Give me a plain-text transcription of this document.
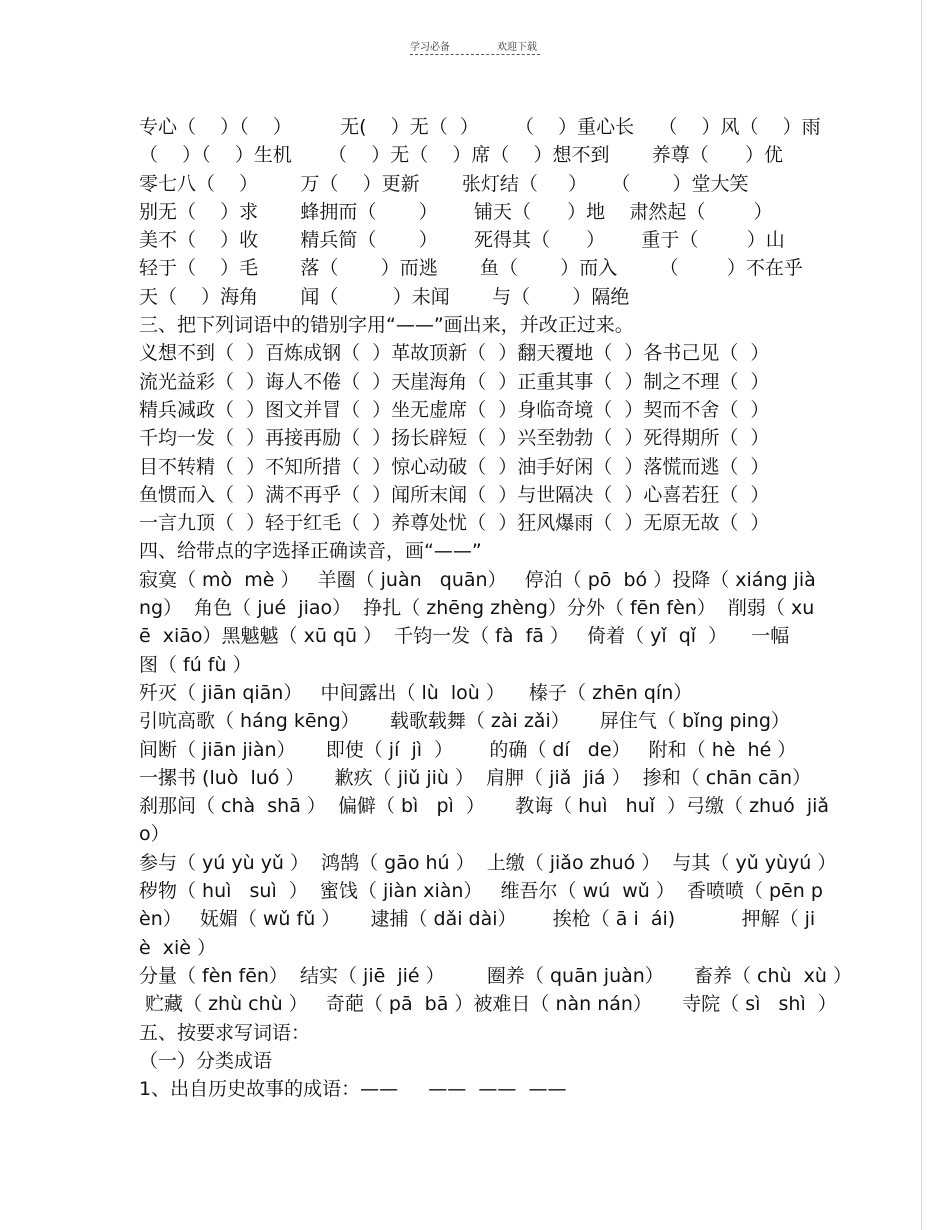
学习必备	欢迎下载
专心（    ）（    ）        无(    ）无（  ）      （    ）重心长    （    ）风（    ）雨
（    ）（    ）生机      （    ）无（    ）席（    ）想不到       养尊（      ）优
零七八（    ）       万（    ）更新       张灯结（     ）    （       ）堂大笑
别无（    ）求       蜂拥而（       ）      铺天（      ）地    肃然起（        ）
美不（    ）收       精兵简（       ）      死得其（      ）      重于（        ）山
轻于（    ）毛       落（       ）而逃       鱼（       ）而入       （        ）不在乎
天（    ）海角       闻（         ）未闻       与（       ）隔绝
三、把下列词语中的错别字用“——”画出来，并改正过来。
义想不到（  ）百炼成钢（  ）革故顶新（  ）翻天覆地（  ）各书己见（  ）
流光益彩（  ）诲人不倦（  ）天崖海角（  ）正重其事（  ）制之不理（  ）
精兵减政（  ）图文并冒（  ）坐无虚席（  ）身临奇境（  ）契而不舍（  ）
千均一发（  ）再接再励（  ）扬长辟短（  ）兴至勃勃（  ）死得期所（  ）
目不转精（  ）不知所措（  ）惊心动破（  ）油手好闲（  ）落慌而逃（  ）
鱼惯而入（  ）满不再乎（  ）闻所末闻（  ）与世隔决（  ）心喜若狂（  ）
一言九顶（  ）轻于红毛（  ）养尊处忧（  ）狂风爆雨（  ）无原无故（  ）
四、给带点的字选择正确读音，画“——”
寂寞（ mò  mè ）   羊圈（ juàn   quān）   停泊（ pō  bó ）投降（ xiáng jià
ng）  角色（ jué  jiao）  挣扎（ zhēng zhèng）分外（ fēn fèn）  削弱（ xu
ē  xiāo）黑魆魆（ xū qū ）  千钧一发（ fà  fā ）   倚着（ yǐ  qǐ  ）    一幅
图（ fú fù ）
歼灭（ jiān qiān）   中间露出（ lù  loù ）    榛子（ zhēn qín）
引吭高歌（ háng kēng）     载歌载舞（ zài zǎi）     屏住气（ bǐng ping）
间断（ jiān jiàn）     即使（ jí  jì  ）      的确（ dí   de）   附和（ hè  hé ）
一摞书 (luò  luó ）     歉疚（ jiǔ jiù ）  肩胛（ jiǎ  jiá ）  掺和（ chān cān）
刹那间（ chà  shā ）  偏僻（ bì   pì  ）     教诲（ huì   huǐ  ）弓缴（ zhuó  jiǎ
o）
参与（ yú yù yǔ ）  鸿鹄（ gāo hú ）  上缴（ jiǎo zhuó ）  与其（ yǔ yùyú ）
秽物（ huì   suì  ）  蜜饯（ jiàn xiàn）   维吾尔（ wú  wǔ ）  香喷喷（ pēn p
èn）   妩媚（ wǔ fǔ ）     逮捕（ dǎi dài）      挨枪（ ā i  ái)           押解（ ji
è  xiè ）
分量（ fèn fēn）  结实（ jiē  jié ）       圈养（ quān juàn）     畜养（ chù  xù ）
贮藏（ zhù chù ）   奇葩（ pā  bā ）被难日（ nàn nán）     寺院（ sì   shì  ）
五、按要求写词语：
（一）分类成语
1、出自历史故事的成语：——     ——  ——  ——
